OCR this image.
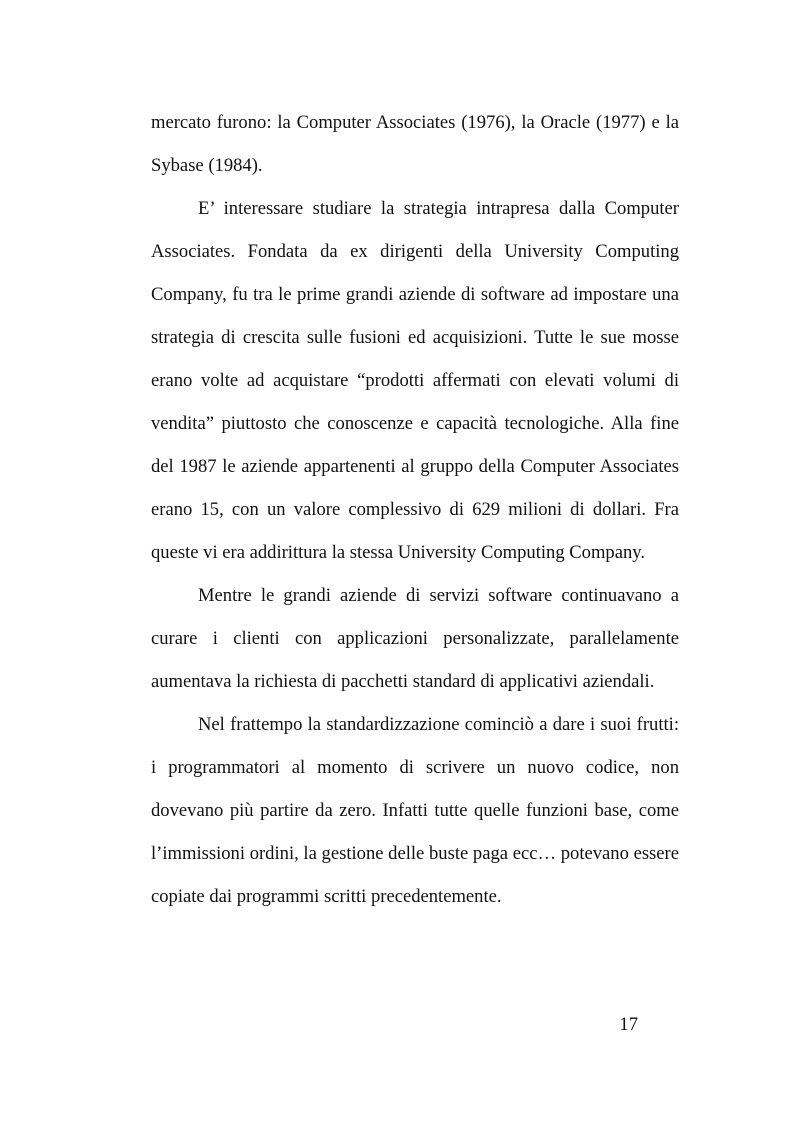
mercato furono: la Computer Associates (1976), la Oracle (1977) e la Sybase (1984).

E’ interessare studiare la strategia intrapresa dalla Computer Associates. Fondata da ex dirigenti della University Computing Company, fu tra le prime grandi aziende di software ad impostare una strategia di crescita sulle fusioni ed acquisizioni. Tutte le sue mosse erano volte ad acquistare “prodotti affermati con elevati volumi di vendita” piuttosto che conoscenze e capacità tecnologiche. Alla fine del 1987 le aziende appartenenti al gruppo della Computer Associates erano 15, con un valore complessivo di 629 milioni di dollari. Fra queste vi era addirittura la stessa University Computing Company.

Mentre le grandi aziende di servizi software continuavano a curare i clienti con applicazioni personalizzate, parallelamente aumentava la richiesta di pacchetti standard di applicativi aziendali.

Nel frattempo la standardizzazione cominciò a dare i suoi frutti: i programmatori al momento di scrivere un nuovo codice, non dovevano più partire da zero. Infatti tutte quelle funzioni base, come l’immissioni ordini, la gestione delle buste paga ecc… potevano essere copiate dai programmi scritti precedentemente.

17
